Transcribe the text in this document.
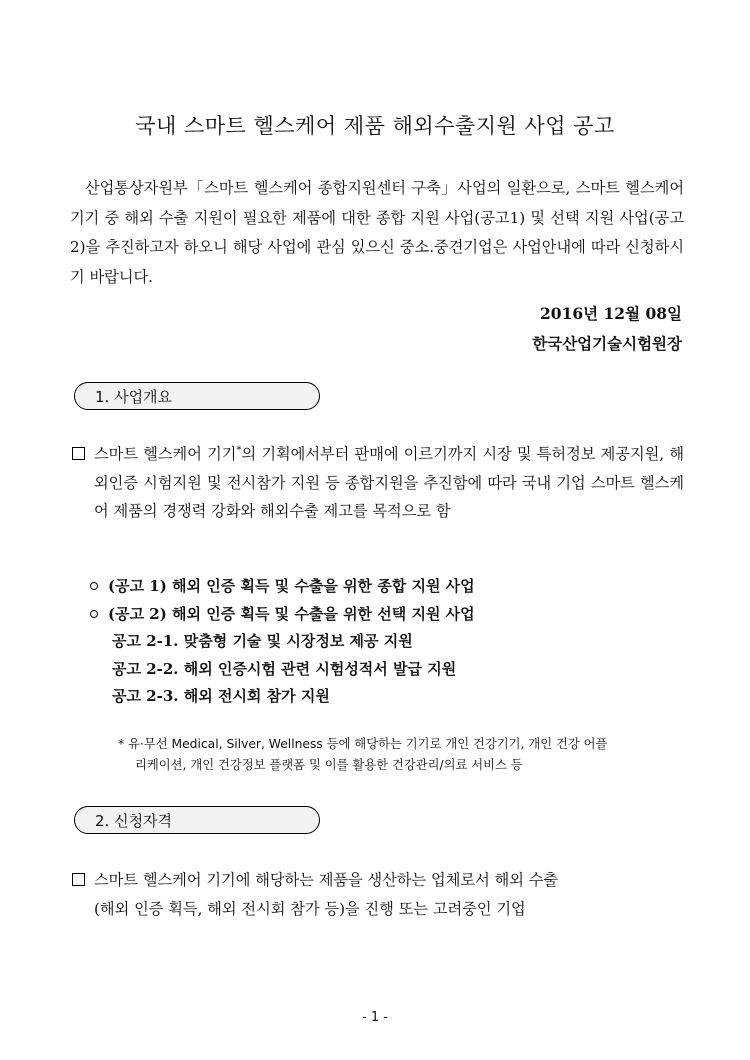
국내 스마트 헬스케어 제품 해외수출지원 사업 공고
산업통상자원부「스마트 헬스케어 종합지원센터 구축」사업의 일환으로, 스마트 헬스케어 기기 중 해외 수출 지원이 필요한 제품에 대한 종합 지원 사업(공고1) 및 선택 지원 사업(공고2)을 추진하고자 하오니 해당 사업에 관심 있으신 중소.중견기업은 사업안내에 따라 신청하시기 바랍니다.
2016년 12월 08일
한국산업기술시험원장
1. 사업개요
스마트 헬스케어 기기*의 기획에서부터 판매에 이르기까지 시장 및 특허정보 제공지원, 해외인증 시험지원 및 전시참가 지원 등 종합지원을 추진함에 따라 국내 기업 스마트 헬스케어 제품의 경쟁력 강화와 해외수출 제고를 목적으로 함
(공고 1) 해외 인증 획득 및 수출을 위한 종합 지원 사업
(공고 2) 해외 인증 획득 및 수출을 위한 선택 지원 사업
공고 2-1. 맞춤형 기술 및 시장정보 제공 지원
공고 2-2. 해외 인증시험 관련 시험성적서 발급 지원
공고 2-3. 해외 전시회 참가 지원
* 유·무선 Medical, Silver, Wellness 등에 해당하는 기기로 개인 건강기기, 개인 건강 어플
리케이션, 개인 건강정보 플랫폼 및 이를 활용한 건강관리/의료 서비스 등
2. 신청자격
스마트 헬스케어 기기에 해당하는 제품을 생산하는 업체로서 해외 수출
(해외 인증 획득, 해외 전시회 참가 등)을 진행 또는 고려중인 기업
- 1 -
